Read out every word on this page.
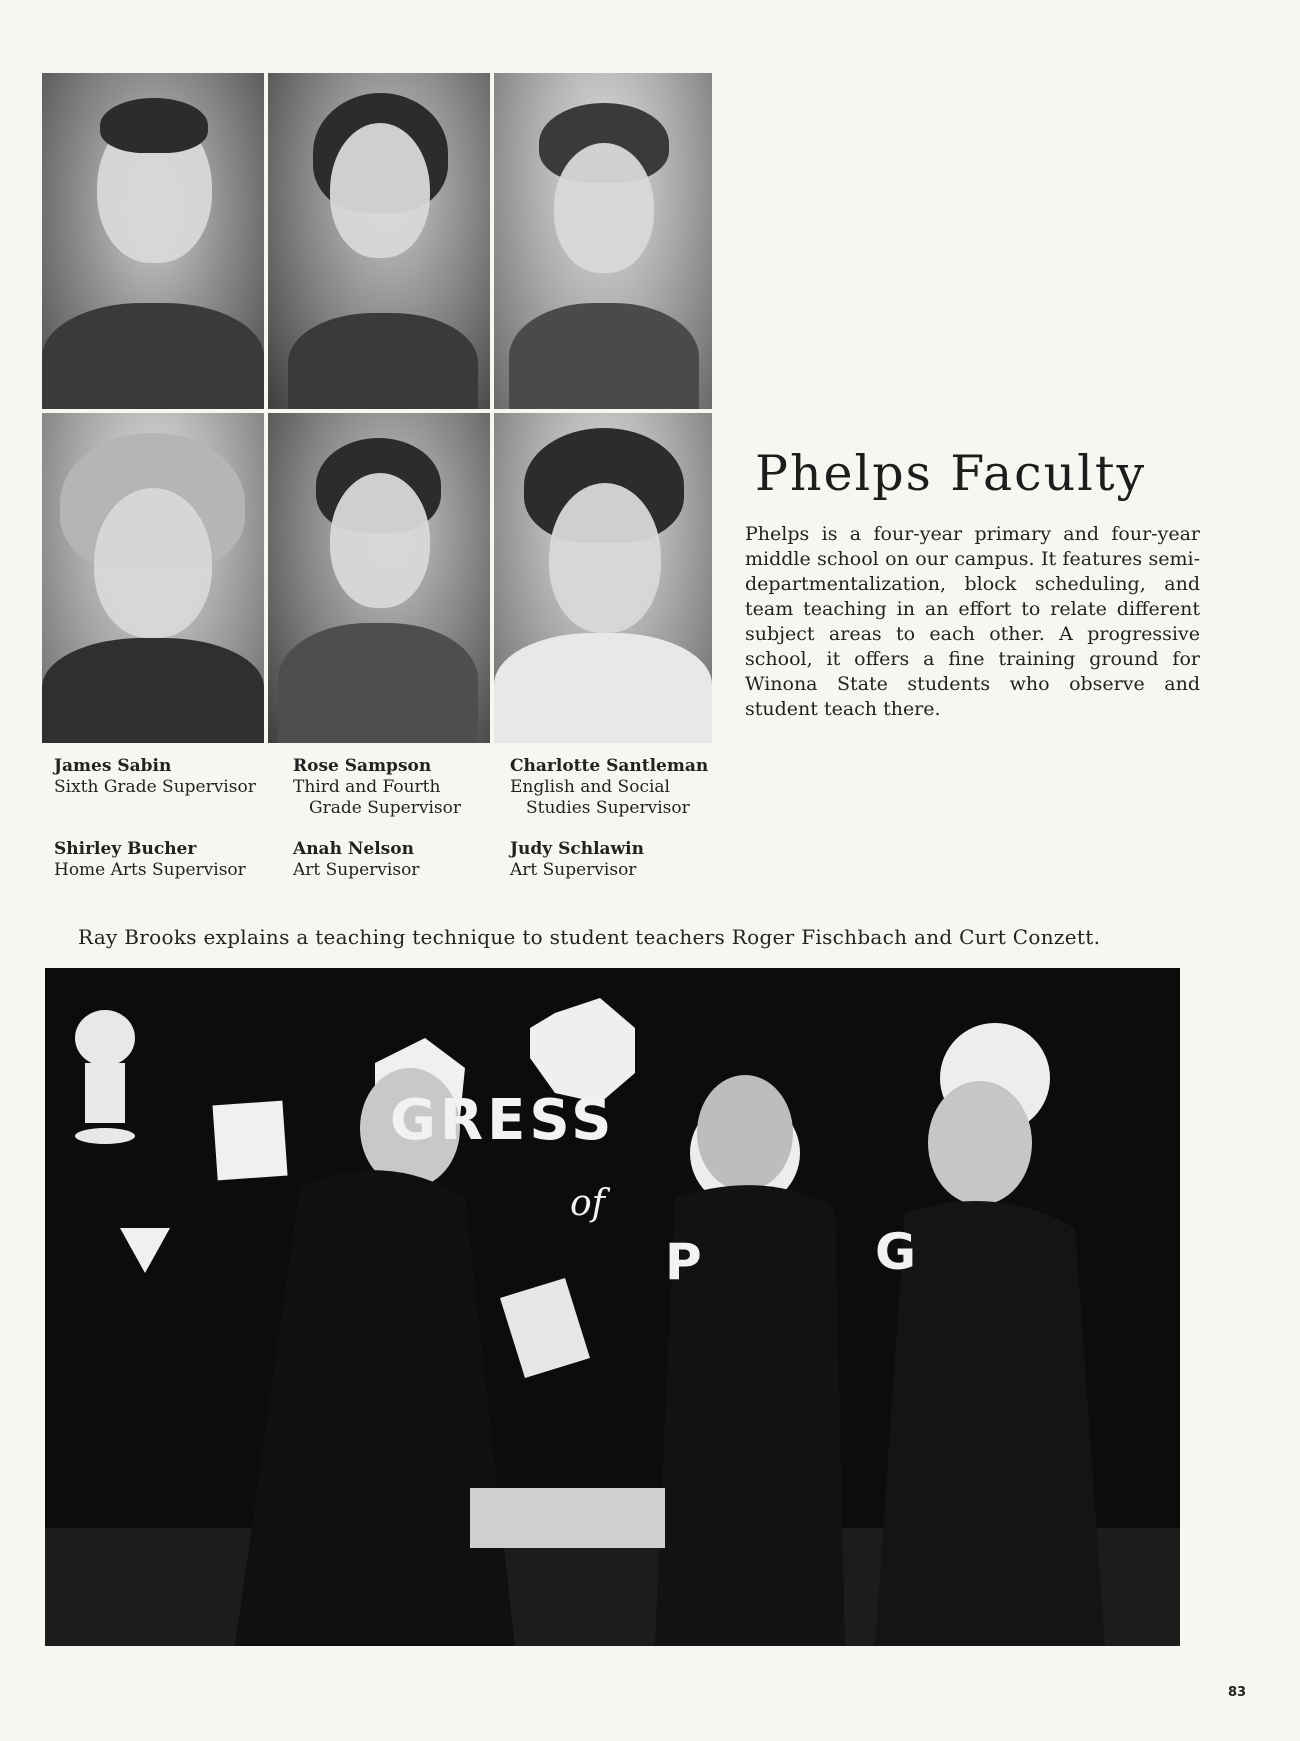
Phelps Faculty
Phelps is a four-year primary and four-year middle school on our campus. It features semi-departmentalization, block scheduling, and team teaching in an effort to relate different subject areas to each other. A progressive school, it offers a fine training ground for Winona State students who observe and student teach there.
James Sabin
Sixth Grade Supervisor
Rose Sampson
Third and Fourth Grade Supervisor
Charlotte Santleman
English and Social Studies Supervisor
Shirley Bucher
Home Arts Supervisor
Anah Nelson
Art Supervisor
Judy Schlawin
Art Supervisor
Ray Brooks explains a teaching technique to student teachers Roger Fischbach and Curt Conzett.
GRESS
of
P	G
83
